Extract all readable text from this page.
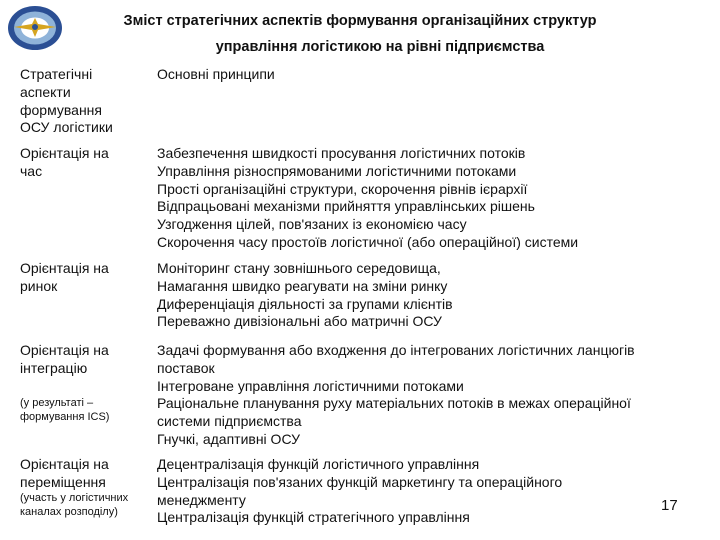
Зміст стратегічних аспектів формування організаційних структур
управління логістикою на рівні підприємства
Стратегічні
аспекти
формування
ОСУ логістики
Основні принципи
Орієнтація на
час
Забезпечення швидкості просування логістичних потоків
Управління різноспрямованими логістичними потоками
Прості організаційні структури, скорочення рівнів ієрархії
Відпрацьовані механізми прийняття управлінських рішень
Узгодження цілей, пов'язаних із економією часу
Скорочення часу простоїв логістичної (або операційної) системи
Орієнтація на
ринок
Моніторинг стану зовнішнього середовища,
Намагання швидко реагувати на зміни ринку
Диференціація діяльності за групами клієнтів
Переважно дивізіональні або матричні ОСУ
Орієнтація на
інтеграцію
(у результаті –
формування ICS)
Задачі формування або входження до інтегрованих логістичних ланцюгів
поставок
Інтегроване управління логістичними потоками
Раціональне планування руху матеріальних потоків в межах операційної
системи підприємства
Гнучкі, адаптивні ОСУ
Орієнтація на
переміщення
(участь у логістичних
каналах розподілу)
Децентралізація функцій логістичного управління
Централізація пов'язаних функцій маркетингу та операційного
менеджменту
Централізація функцій стратегічного управління
17
